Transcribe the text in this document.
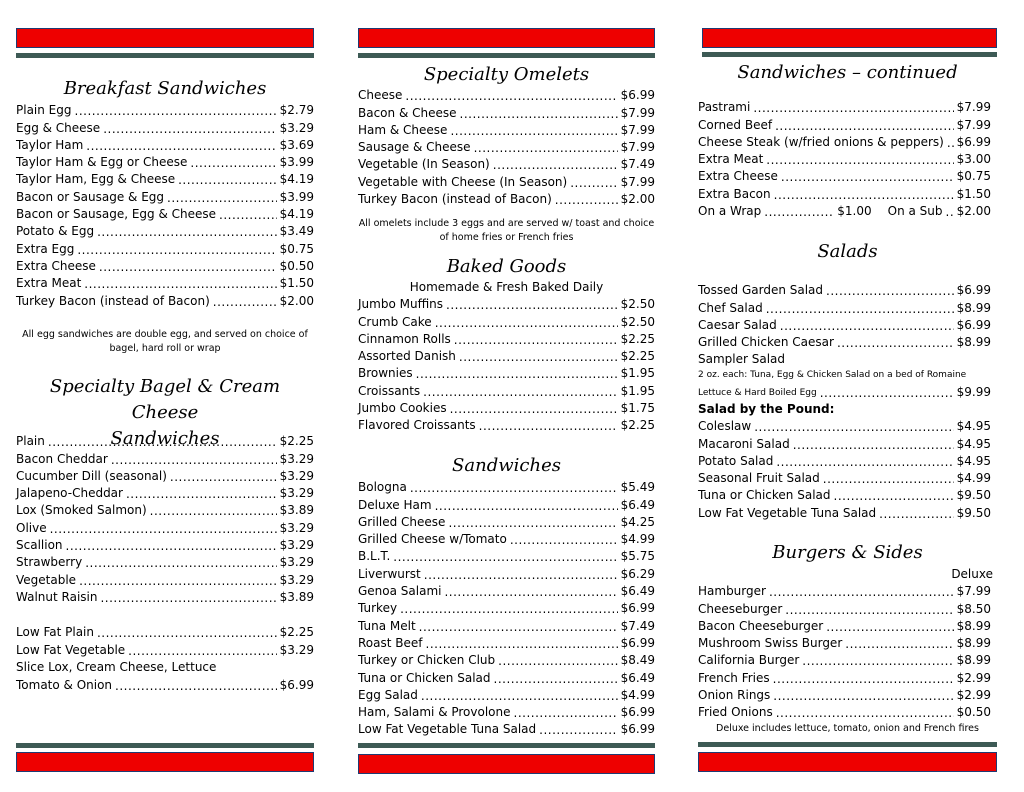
Breakfast Sandwiches
Plain Egg .....	$2.79
Egg & Cheese .....	$3.29
Taylor Ham .....	$3.69
Taylor Ham & Egg or Cheese .....	$3.99
Taylor Ham, Egg & Cheese .....	$4.19
Bacon or Sausage & Egg .....	$3.99
Bacon or Sausage, Egg & Cheese .....	$4.19
Potato & Egg .....	$3.49
Extra Egg .....	$0.75
Extra Cheese .....	$0.50
Extra Meat .....	$1.50
Turkey Bacon (instead of Bacon) .....	$2.00
All egg sandwiches are double egg, and served on choice of
bagel, hard roll or wrap
Specialty Bagel & Cream Cheese
Sandwiches
Plain .....	$2.25
Bacon Cheddar .....	$3.29
Cucumber Dill (seasonal) .....	$3.29
Jalapeno-Cheddar .....	$3.29
Lox (Smoked Salmon) .....	$3.89
Olive .....	$3.29
Scallion .....	$3.29
Strawberry .....	$3.29
Vegetable .....	$3.29
Walnut Raisin .....	$3.89
Low Fat Plain .....	$2.25
Low Fat Vegetable .....	$3.29
Slice Lox, Cream Cheese, Lettuce
Tomato & Onion .....	$6.99
Specialty Omelets
Cheese .....	$6.99
Bacon & Cheese .....	$7.99
Ham & Cheese .....	$7.99
Sausage & Cheese .....	$7.99
Vegetable (In Season) .....	$7.49
Vegetable with Cheese (In Season) .....	$7.99
Turkey Bacon (instead of Bacon) .....	$2.00
All omelets include 3 eggs and are served w/ toast and choice
of home fries or French fries
Baked Goods
Homemade & Fresh Baked Daily
Jumbo Muffins .....	$2.50
Crumb Cake .....	$2.50
Cinnamon Rolls .....	$2.25
Assorted Danish .....	$2.25
Brownies .....	$1.95
Croissants .....	$1.95
Jumbo Cookies .....	$1.75
Flavored Croissants .....	$2.25
Sandwiches
Bologna .....	$5.49
Deluxe Ham .....	$6.49
Grilled Cheese .....	$4.25
Grilled Cheese w/Tomato .....	$4.99
B.L.T. .....	$5.75
Liverwurst .....	$6.29
Genoa Salami .....	$6.49
Turkey .....	$6.99
Tuna Melt .....	$7.49
Roast Beef .....	$6.99
Turkey or Chicken Club .....	$8.49
Tuna or Chicken Salad .....	$6.49
Egg Salad .....	$4.99
Ham, Salami & Provolone .....	$6.99
Low Fat Vegetable Tuna Salad .....	$6.99
Sandwiches – continued
Pastrami .....	$7.99
Corned Beef .....	$7.99
Cheese Steak (w/fried onions & peppers) ..... $6.99
Extra Meat .....	$3.00
Extra Cheese .....	$0.75
Extra Bacon .....	$1.50
On a Wrap .....	$1.00 On a Sub ..... $2.00
Salads
Tossed Garden Salad .....	$6.99
Chef Salad .....	$8.99
Caesar Salad .....	$6.99
Grilled Chicken Caesar .....	$8.99
Sampler Salad
2 oz. each: Tuna, Egg & Chicken Salad on a bed of Romaine
Lettuce & Hard Boiled Egg .....	$9.99
Salad by the Pound:
Coleslaw .....	$4.95
Macaroni Salad .....	$4.95
Potato Salad .....	$4.95
Seasonal Fruit Salad .....	$4.99
Tuna or Chicken Salad .....	$9.50
Low Fat Vegetable Tuna Salad .....	$9.50
Burgers & Sides
Deluxe
Hamburger .....	$7.99
Cheeseburger .....	$8.50
Bacon Cheeseburger .....	$8.99
Mushroom Swiss Burger .....	$8.99
California Burger .....	$8.99
French Fries .....	$2.99
Onion Rings .....	$2.99
Fried Onions .....	$0.50
Deluxe includes lettuce, tomato, onion and French fires
